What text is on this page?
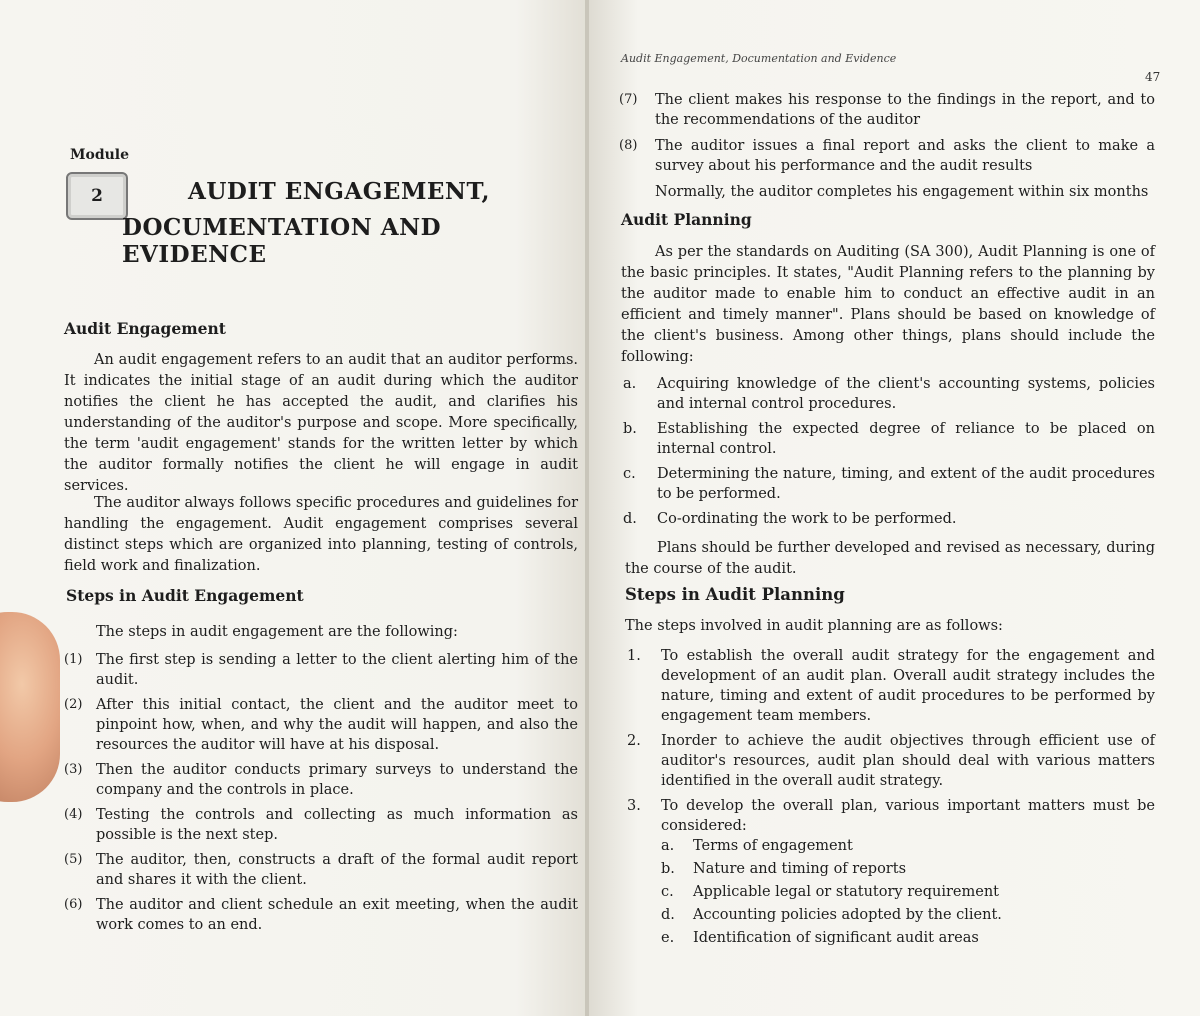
Module
2	AUDIT ENGAGEMENT,
DOCUMENTATION AND EVIDENCE
Audit Engagement

An audit engagement refers to an audit that an auditor performs. It indicates the initial stage of an audit during which the auditor notifies the client he has accepted the audit, and clarifies his understanding of the auditor's purpose and scope. More specifically, the term 'audit engagement' stands for the written letter by which the auditor formally notifies the client he will engage in audit services.

The auditor always follows specific procedures and guidelines for handling the engagement. Audit engagement comprises several distinct steps which are organized into planning, testing of controls, field work and finalization.

Steps in Audit Engagement

The steps in audit engagement are the following:

(1) The first step is sending a letter to the client alerting him of the audit.
(2) After this initial contact, the client and the auditor meet to pinpoint how, when, and why the audit will happen, and also the resources the auditor will have at his disposal.
(3) Then the auditor conducts primary surveys to understand the company and the controls in place.
(4) Testing the controls and collecting as much information as possible is the next step.
(5) The auditor, then, constructs a draft of the formal audit report and shares it with the client.
(6) The auditor and client schedule an exit meeting, when the audit work comes to an end.
Audit Engagement, Documentation and Evidence
47
(7) The client makes his response to the findings in the report, and to the recommendations of the auditor
(8) The auditor issues a final report and asks the client to make a survey about his performance and the audit results

Normally, the auditor completes his engagement within six months

Audit Planning

As per the standards on Auditing (SA 300), Audit Planning is one of the basic principles. It states, "Audit Planning refers to the planning by the auditor made to enable him to conduct an effective audit in an efficient and timely manner". Plans should be based on knowledge of the client's business. Among other things, plans should include the following:

a. Acquiring knowledge of the client's accounting systems, policies and internal control procedures.
b. Establishing the expected degree of reliance to be placed on internal control.
c. Determining the nature, timing, and extent of the audit procedures to be performed.
d. Co-ordinating the work to be performed.

Plans should be further developed and revised as necessary, during the course of the audit.

Steps in Audit Planning

The steps involved in audit planning are as follows:

1. To establish the overall audit strategy for the engagement and development of an audit plan. Overall audit strategy includes the nature, timing and extent of audit procedures to be performed by engagement team members.
2. Inorder to achieve the audit objectives through efficient use of auditor's resources, audit plan should deal with various matters identified in the overall audit strategy.
3. To develop the overall plan, various important matters must be considered:
a. Terms of engagement
b. Nature and timing of reports
c. Applicable legal or statutory requirement
d. Accounting policies adopted by the client.
e. Identification of significant audit areas
